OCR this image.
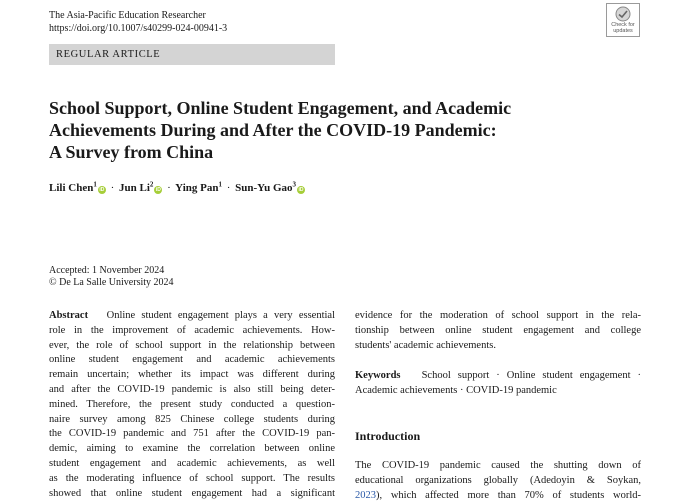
The Asia-Pacific Education Researcher
https://doi.org/10.1007/s40299-024-00941-3
REGULAR ARTICLE
Check for
updates
School Support, Online Student Engagement, and Academic
Achievements During and After the COVID-19 Pandemic:
A Survey from China
Lili Chen$^1$iD · Jun $Li^2iD$ · Ying Pan$^1$ · Sun-Yu Gao$^3$iD
Accepted: 1 November 2024
© De La Salle University 2024
Abstract Online student engagement plays a very essential
role in the improvement of academic achievements. How-
ever, the role of school support in the relationship between
online student engagement and academic achievements
remain uncertain; whether its impact was different during
and after the COVID-19 pandemic is also still being deter-
mined. Therefore, the present study conducted a question-
naire survey among 825 Chinese college students during
the COVID-19 pandemic and 751 after the COVID-19 pan-
demic, aiming to examine the correlation between online
student engagement and academic achievements, as well
as the moderating influence of school support. The results
showed that online student engagement had a significant
evidence for the moderation of school support in the rela-
tionship between online student engagement and college
students' academic achievements.
Keywords School support · Online student engagement ·
Academic achievements · COVID-19 pandemic
Introduction
The COVID-19 pandemic caused the shutting down of
educational organizations globally (Adedoyin & Soykan,
2023), which affected more than 70% of students world-
